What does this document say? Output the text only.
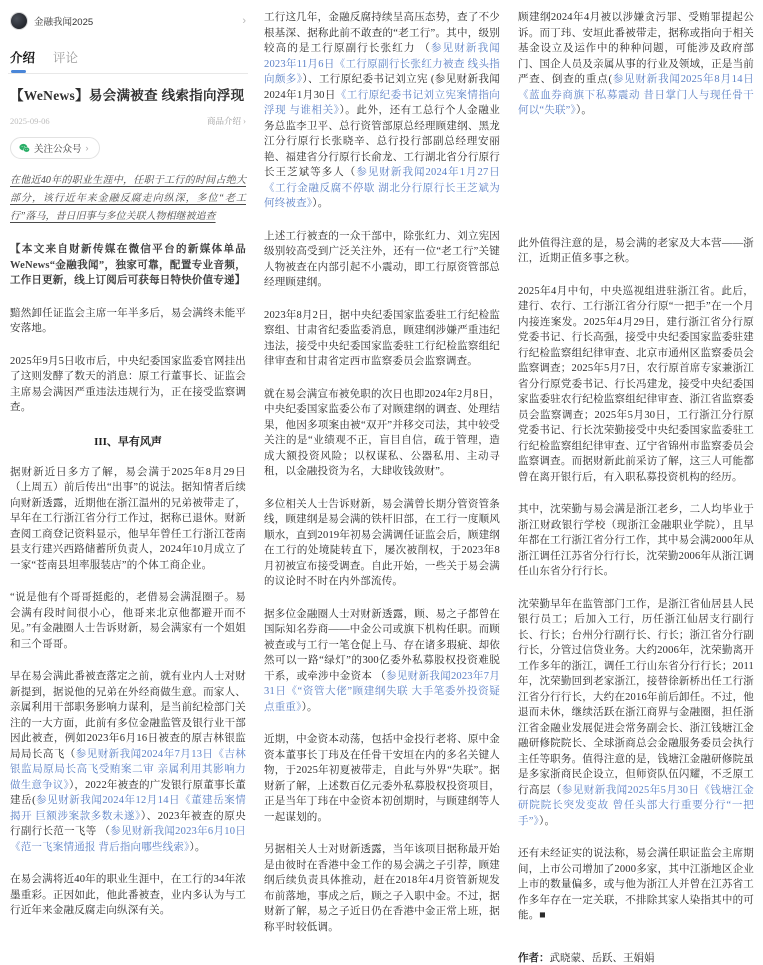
金融我闻2025	›
介绍 评论
【WeNews】易会满被查 线索指向浮现
2025-09-06	商品介绍 ›
关注公众号 ›

在他近40年的职业生涯中，任职于工行的时间占绝大部分，该行近年来金融反腐走向纵深，多位“老工行”落马，昔日旧事与多位关联人物相继被追查

【本文来自财新传媒在微信平台的新媒体单品 WeNews“金融我闻”，独家可靠，配置专业音频，工作日更新，线上订阅后可获每日特快价值专递】

黯然卸任证监会主席一年半多后，易会满终未能平安落地。

2025年9月5日收市后，中央纪委国家监委官网挂出了这则发酵了数天的消息：原工行董事长、证监会主席易会满因严重违法违规行为，正在接受监察调查。

III、早有风声

据财新近日多方了解，易会满于2025年8月29日（上周五）前后传出“出事”的说法。据知情者后续向财新透露，近期他在浙江温州的兄弟被带走了，早年在工行浙江省分行工作过，据称已退休。财新查阅工商登记资料显示，他早年曾任工行浙江苍南县支行建兴西路储蓄所负责人，2024年10月成立了一家“苍南县坦率服装店”的个体工商企业。

“说是他有个哥哥挺彪的，老借易会满混圈子。易会满有段时间很小心，他哥来北京他都避开而不见。”有金融圈人士告诉财新，易会满家有一个姐姐和三个哥哥。

早在易会满此番被查落定之前，就有业内人士对财新提到，据说他的兄弟在外经商做生意。而家人、亲属利用干部职务影响力谋利，是当前纪检部门关注的一大方面，此前有多位金融监管及银行业干部因此被查，例如2023年6月16日被查的原吉林银监局局长高飞（参见财新我闻2024年7月13日《吉林银监局原局长高飞受贿案二审 亲属利用其影响力做生意争议》），2022年被查的广发银行原董事长董建岳(参见财新我闻2024年12月14日《董建岳案情揭开 巨额涉案款多数未遂》）、2023年被查的原央行副行长范一飞等 （参见财新我闻2023年6月10日《范一飞案情通报 背后指向哪些线索》）。

在易会满将近40年的职业生涯中，在工行的34年浓墨重彩。正因如此，他此番被查，业内多认为与工行近年来金融反腐走向纵深有关。

工行这几年，金融反腐持续呈高压态势，查了不少根基深、据称此前不敢查的“老工行”。其中，级别较高的是工行原副行长张红力 （参见财新我闻2023年11月6日《工行原副行长张红力被查 线头指向颇多》）、工行原纪委书记刘立宪 (参见财新我闻2024年1月30日《工行原纪委书记刘立宪案情指向浮现 与谁相关》）。此外，还有工总行个人金融业务总监李卫平、总行资管部原总经理顾建纲、黑龙江分行原行长张晓辛、总行投行部副总经理安丽艳、福建省分行原行长俞龙、工行湖北省分行原行长王芝斌等多人（参见财新我闻2024年1月27日《工行金融反腐不停歇 湖北分行原行长王芝斌为何终被查》）。

上述工行被查的一众干部中，除张红力、刘立宪因级别较高受到广泛关注外，还有一位“老工行”关键人物被查在内部引起不小震动，即工行原资管部总经理顾建纲。

2023年8月2日，据中央纪委国家监委驻工行纪检监察组、甘肃省纪委监委消息，顾建纲涉嫌严重违纪违法，接受中央纪委国家监委驻工行纪检监察组纪律审查和甘肃省定西市监察委员会监察调查。

就在易会满宣布被免职的次日也即2024年2月8日，中央纪委国家监委公布了对顾建纲的调查、处理结果，他因多项案由被“双开”并移交司法，其中较受关注的是“业绩观不正，盲目自信，疏于管理，造成大额投资风险；以权谋私、公器私用、主动寻租，以金融投资为名，大肆收钱敛财”。

多位相关人士告诉财新，易会满曾长期分管资管条线，顾建纲是易会满的铁杆旧部，在工行一度顺风顺水，直到2019年初易会满调任证监会后，顾建纲在工行的处境陡转直下，屡次被削权，于2023年8月初被宣布接受调查。自此开始，一些关于易会满的议论时不时在内外部流传。

据多位金融圈人士对财新透露，顾、易之子都曾在国际知名券商——中金公司或旗下机构任职。而顾被查或与工行一笔仓促上马、存在诸多瑕疵、却依然可以一路“绿灯”的300亿委外私募股权投资难脱干系，或牵涉中金资本 （参见财新我闻2023年7月31日《“资管大佬”顾建纲失联 大手笔委外投资疑点重重》）。

近期，中金资本动荡，包括中金投行老将、原中金资本董事长丁玮及在任骨干安垣在内的多名关键人物，于2025年初夏被带走，自此与外界“失联”。据财新了解，上述数百亿元委外私募股权投资项目，正是当年丁玮在中金资本初创期时，与顾建纲等人一起谋划的。

另据相关人士对财新透露，当年该项目据称最开始是由彼时在香港中金工作的易会满之子引荐，顾建纲后续负责具体推动，赶在2018年4月资管新规发布前落地，事成之后，顾之子入职中金。不过，据财新了解，易之子近日仍在香港中金正常上班，据称平时较低调。

顾建纲2024年4月被以涉嫌贪污罪、受贿罪提起公诉。而丁玮、安垣此番被带走，据称或指向于相关基金设立及运作中的种种问题，可能涉及政府部门、国企人员及亲属从事的行业及领域，正是当前严查、倒查的重点(参见财新我闻2025年8月14日《蓝血券商旗下私募震动 昔日掌门人与现任骨干何以“失联”》）。

此外值得注意的是，易会满的老家及大本营——浙江，近期正值多事之秋。

2025年4月中旬，中央巡视组进驻浙江省。此后，建行、农行、工行浙江省分行原“一把手”在一个月内接连案发。2025年4月29日，建行浙江省分行原党委书记、行长高强，接受中央纪委国家监委驻建行纪检监察组纪律审查、北京市通州区监察委员会监察调查；2025年5月7日，农行原首席专家兼浙江省分行原党委书记、行长冯建龙，接受中央纪委国家监委驻农行纪检监察组纪律审查、浙江省监察委员会监察调查；2025年5月30日，工行浙江分行原党委书记、行长沈荣勤接受中央纪委国家监委驻工行纪检监察组纪律审查、辽宁省锦州市监察委员会监察调查。而据财新此前采访了解，这三人可能都曾在离开银行后，有入职私募投资机构的经历。

其中，沈荣勤与易会满是浙江老乡，二人均毕业于浙江财政银行学校（现浙江金融职业学院），且早年都在工行浙江省分行工作，其中易会满2000年从浙江调任江苏省分行行长，沈荣勤2006年从浙江调任山东省分行行长。

沈荣勤早年在监管部门工作，是浙江省仙居县人民银行员工；后加入工行，历任浙江仙居支行副行长、行长；台州分行副行长、行长；浙江省分行副行长，分管过信贷业务。大约2006年，沈荣勤离开工作多年的浙江，调任工行山东省分行行长；2011年，沈荣勤回到老家浙江，接替徐新桥出任工行浙江省分行行长，大约在2016年前后卸任。不过，他退而未休，继续活跃在浙江商界与金融圈，担任浙江省金融业发展促进会常务副会长、浙江钱塘江金融研修院院长、全球浙商总会金融服务委员会执行主任等职务。值得注意的是，钱塘江金融研修院虽是多家浙商民企设立，但师资队伍闪耀，不乏原工行高层（参见财新我闻2025年5月30日《钱塘江金研院院长突发变故 曾任头部大行重要分行“一把手”》）。

还有未经证实的说法称，易会满任职证监会主席期间，上市公司增加了2000多家，其中江浙地区企业上市的数量偏多，或与他为浙江人并曾在江苏省工作多年存在一定关联，不排除其家人染指其中的可能。■

作者：武晓蒙、岳跃、王娟娟
